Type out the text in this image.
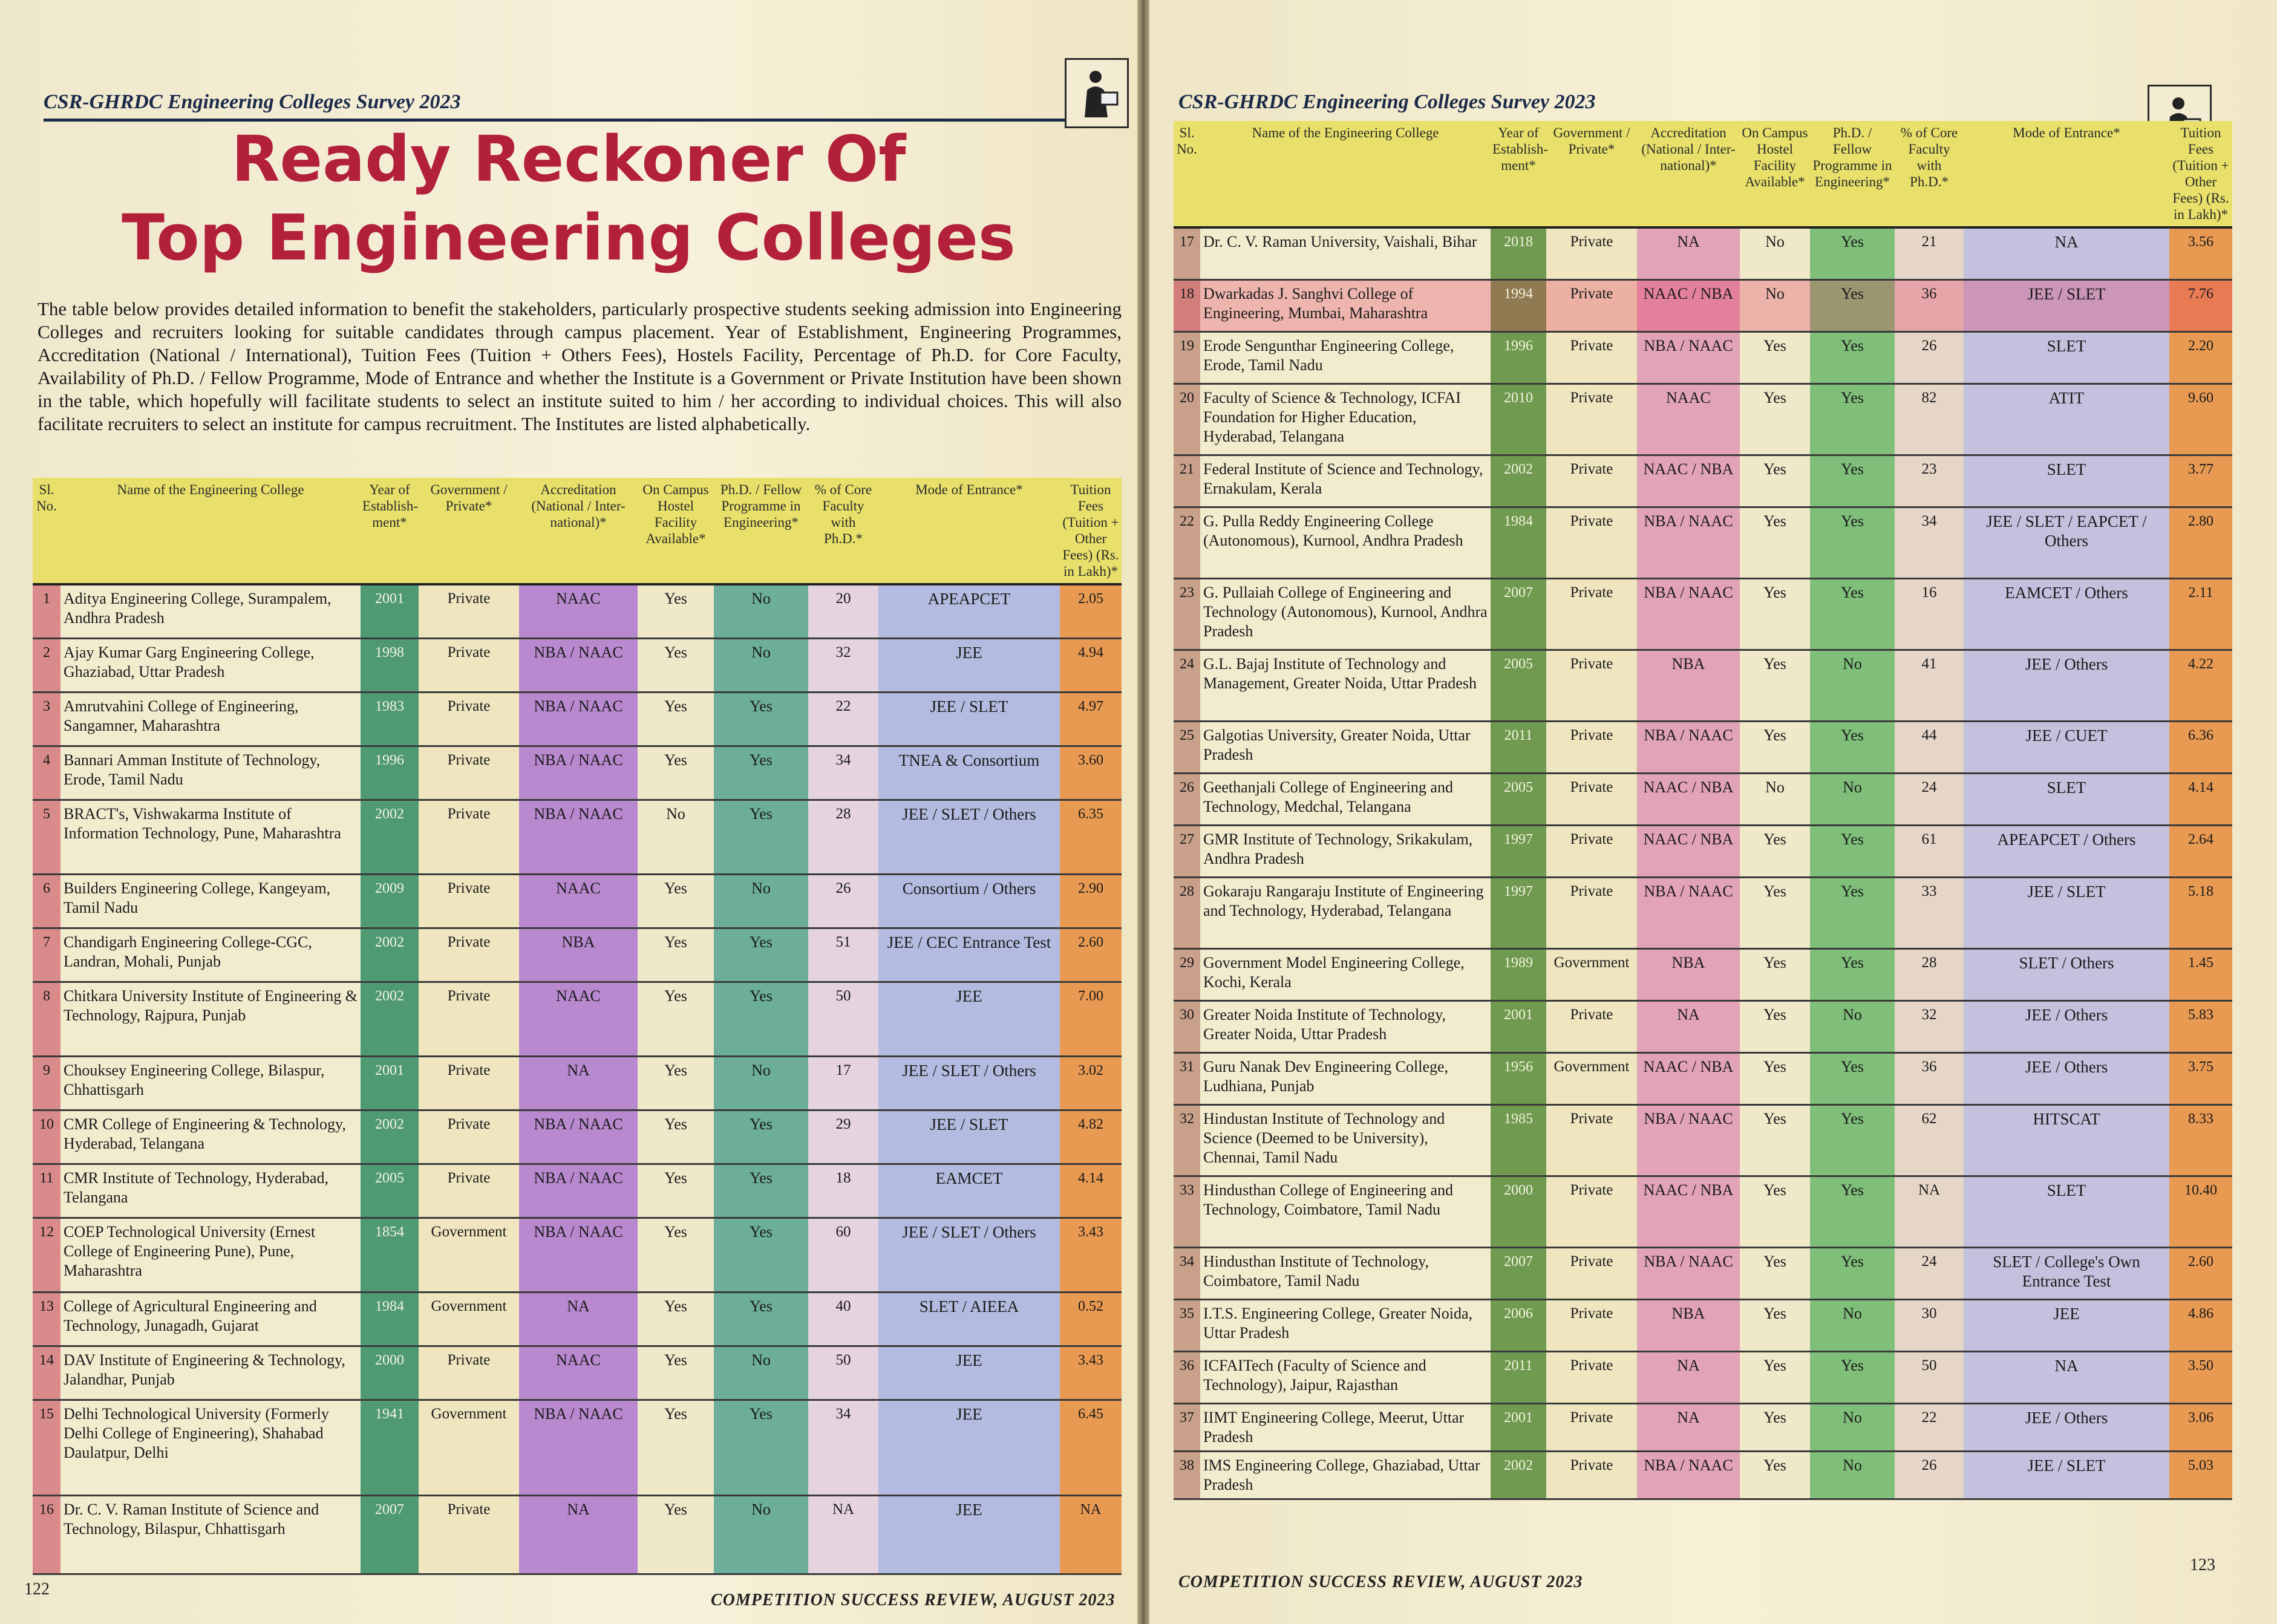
CSR-GHRDC Engineering Colleges Survey 2023
Ready Reckoner Of
Top Engineering Colleges
The table below provides detailed information to benefit the stakeholders, particularly prospective students seeking admission into Engineering Colleges and recruiters looking for suitable candidates through campus placement. Year of Establishment, Engineering Programmes, Accreditation (National / International), Tuition Fees (Tuition + Others Fees), Hostels Facility, Percentage of Ph.D. for Core Faculty, Availability of Ph.D. / Fellow Programme, Mode of Entrance and whether the Institute is a Government or Private Institution have been shown in the table, which hopefully will facilitate students to select an institute suited to him / her according to individual choices. This will also facilitate recruiters to select an institute for campus recruitment. The Institutes are listed alphabetically.
Sl. No.	Name of the Engineering College	Year of Establish-ment*	Government / Private*	Accreditation (National / Inter-national)*	On Campus Hostel Facility Available*	Ph.D. / Fellow Programme in Engineering*	% of Core Faculty with Ph.D.*	Mode of Entrance*	Tuition Fees (Tuition + Other Fees) (Rs. in Lakh)*
1	Aditya Engineering College, Surampalem, Andhra Pradesh	2001	Private	NAAC	Yes	No	20	APEAPCET	2.05
2	Ajay Kumar Garg Engineering College, Ghaziabad, Uttar Pradesh	1998	Private	NBA / NAAC	Yes	No	32	JEE	4.94
3	Amrutvahini College of Engineering, Sangamner, Maharashtra	1983	Private	NBA / NAAC	Yes	Yes	22	JEE / SLET	4.97
4	Bannari Amman Institute of Technology, Erode, Tamil Nadu	1996	Private	NBA / NAAC	Yes	Yes	34	TNEA & Consortium	3.60
5	BRACT's, Vishwakarma Institute of Information Technology, Pune, Maharashtra	2002	Private	NBA / NAAC	No	Yes	28	JEE / SLET / Others	6.35
6	Builders Engineering College, Kangeyam, Tamil Nadu	2009	Private	NAAC	Yes	No	26	Consortium / Others	2.90
7	Chandigarh Engineering College-CGC, Landran, Mohali, Punjab	2002	Private	NBA	Yes	Yes	51	JEE / CEC Entrance Test	2.60
8	Chitkara University Institute of Engineering & Technology, Rajpura, Punjab	2002	Private	NAAC	Yes	Yes	50	JEE	7.00
9	Chouksey Engineering College, Bilaspur, Chhattisgarh	2001	Private	NA	Yes	No	17	JEE / SLET / Others	3.02
10	CMR College of Engineering & Technology, Hyderabad, Telangana	2002	Private	NBA / NAAC	Yes	Yes	29	JEE / SLET	4.82
11	CMR Institute of Technology, Hyderabad, Telangana	2005	Private	NBA / NAAC	Yes	Yes	18	EAMCET	4.14
12	COEP Technological University (Ernest College of Engineering Pune), Pune, Maharashtra	1854	Government	NBA / NAAC	Yes	Yes	60	JEE / SLET / Others	3.43
13	College of Agricultural Engineering and Technology, Junagadh, Gujarat	1984	Government	NA	Yes	Yes	40	SLET / AIEEA	0.52
14	DAV Institute of Engineering & Technology, Jalandhar, Punjab	2000	Private	NAAC	Yes	No	50	JEE	3.43
15	Delhi Technological University (Formerly Delhi College of Engineering), Shahabad Daulatpur, Delhi	1941	Government	NBA / NAAC	Yes	Yes	34	JEE	6.45
16	Dr. C. V. Raman Institute of Science and Technology, Bilaspur, Chhattisgarh	2007	Private	NA	Yes	No	NA	JEE	NA
122
COMPETITION SUCCESS REVIEW, AUGUST 2023
CSR-GHRDC Engineering Colleges Survey 2023
Sl. No.	Name of the Engineering College	Year of Establish-ment*	Government / Private*	Accreditation (National / Inter-national)*	On Campus Hostel Facility Available*	Ph.D. / Fellow Programme in Engineering*	% of Core Faculty with Ph.D.*	Mode of Entrance*	Tuition Fees (Tuition + Other Fees) (Rs. in Lakh)*
17	Dr. C. V. Raman University, Vaishali, Bihar	2018	Private	NA	No	Yes	21	NA	3.56
18	Dwarkadas J. Sanghvi College of Engineering, Mumbai, Maharashtra	1994	Private	NAAC / NBA	No	Yes	36	JEE / SLET	7.76
19	Erode Sengunthar Engineering College, Erode, Tamil Nadu	1996	Private	NBA / NAAC	Yes	Yes	26	SLET	2.20
20	Faculty of Science & Technology, ICFAI Foundation for Higher Education, Hyderabad, Telangana	2010	Private	NAAC	Yes	Yes	82	ATIT	9.60
21	Federal Institute of Science and Technology, Ernakulam, Kerala	2002	Private	NAAC / NBA	Yes	Yes	23	SLET	3.77
22	G. Pulla Reddy Engineering College (Autonomous), Kurnool, Andhra Pradesh	1984	Private	NBA / NAAC	Yes	Yes	34	JEE / SLET / EAPCET / Others	2.80
23	G. Pullaiah College of Engineering and Technology (Autonomous), Kurnool, Andhra Pradesh	2007	Private	NBA / NAAC	Yes	Yes	16	EAMCET / Others	2.11
24	G.L. Bajaj Institute of Technology and Management, Greater Noida, Uttar Pradesh	2005	Private	NBA	Yes	No	41	JEE / Others	4.22
25	Galgotias University, Greater Noida, Uttar Pradesh	2011	Private	NBA / NAAC	Yes	Yes	44	JEE / CUET	6.36
26	Geethanjali College of Engineering and Technology, Medchal, Telangana	2005	Private	NAAC / NBA	No	No	24	SLET	4.14
27	GMR Institute of Technology, Srikakulam, Andhra Pradesh	1997	Private	NAAC / NBA	Yes	Yes	61	APEAPCET / Others	2.64
28	Gokaraju Rangaraju Institute of Engineering and Technology, Hyderabad, Telangana	1997	Private	NBA / NAAC	Yes	Yes	33	JEE / SLET	5.18
29	Government Model Engineering College, Kochi, Kerala	1989	Government	NBA	Yes	Yes	28	SLET / Others	1.45
30	Greater Noida Institute of Technology, Greater Noida, Uttar Pradesh	2001	Private	NA	Yes	No	32	JEE / Others	5.83
31	Guru Nanak Dev Engineering College, Ludhiana, Punjab	1956	Government	NAAC / NBA	Yes	Yes	36	JEE / Others	3.75
32	Hindustan Institute of Technology and Science (Deemed to be University), Chennai, Tamil Nadu	1985	Private	NBA / NAAC	Yes	Yes	62	HITSCAT	8.33
33	Hindusthan College of Engineering and Technology, Coimbatore, Tamil Nadu	2000	Private	NAAC / NBA	Yes	Yes	NA	SLET	10.40
34	Hindusthan Institute of Technology, Coimbatore, Tamil Nadu	2007	Private	NBA / NAAC	Yes	Yes	24	SLET / College's Own Entrance Test	2.60
35	I.T.S. Engineering College, Greater Noida, Uttar Pradesh	2006	Private	NBA	Yes	No	30	JEE	4.86
36	ICFAITech (Faculty of Science and Technology), Jaipur, Rajasthan	2011	Private	NA	Yes	Yes	50	NA	3.50
37	IIMT Engineering College, Meerut, Uttar Pradesh	2001	Private	NA	Yes	No	22	JEE / Others	3.06
38	IMS Engineering College, Ghaziabad, Uttar Pradesh	2002	Private	NBA / NAAC	Yes	No	26	JEE / SLET	5.03
123
COMPETITION SUCCESS REVIEW, AUGUST 2023
